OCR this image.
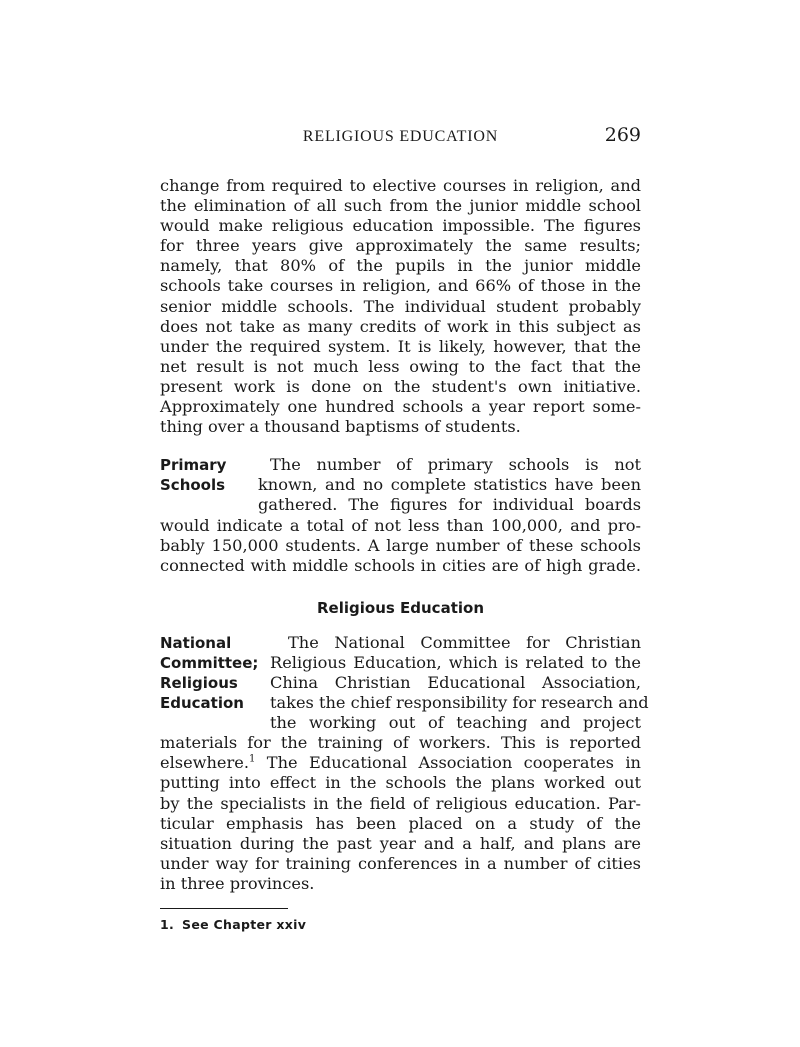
RELIGIOUS EDUCATION	269

change from required to elective courses in religion, and
the elimination of all such from the junior middle school
would make religious education impossible. The figures
for three years give approximately the same results;
namely, that 80% of the pupils in the junior middle
schools take courses in religion, and 66% of those in the
senior middle schools. The individual student probably
does not take as many credits of work in this subject as
under the required system. It is likely, however, that the
net result is not much less owing to the fact that the
present work is done on the student's own initiative.
Approximately one hundred schools a year report some-
thing over a thousand baptisms of students.

Primary
Schools

The number of primary schools is not
known, and no complete statistics have been
gathered. The figures for individual boards
would indicate a total of not less than 100,000, and pro-
bably 150,000 students. A large number of these schools
connected with middle schools in cities are of high grade.

Religious Education
National
Committee;
Religious
Education

The National Committee for Christian
Religious Education, which is related to the
China Christian Educational Association,
takes the chief responsibility for research and
the working out of teaching and project
materials for the training of workers. This is reported
elsewhere.$^1$ The Educational Association cooperates in
putting into effect in the schools the plans worked out
by the specialists in the field of religious education. Par-
ticular emphasis has been placed on a study of the
situation during the past year and a half, and plans are
under way for training conferences in a number of cities
in three provinces.

1. See Chapter xxiv
